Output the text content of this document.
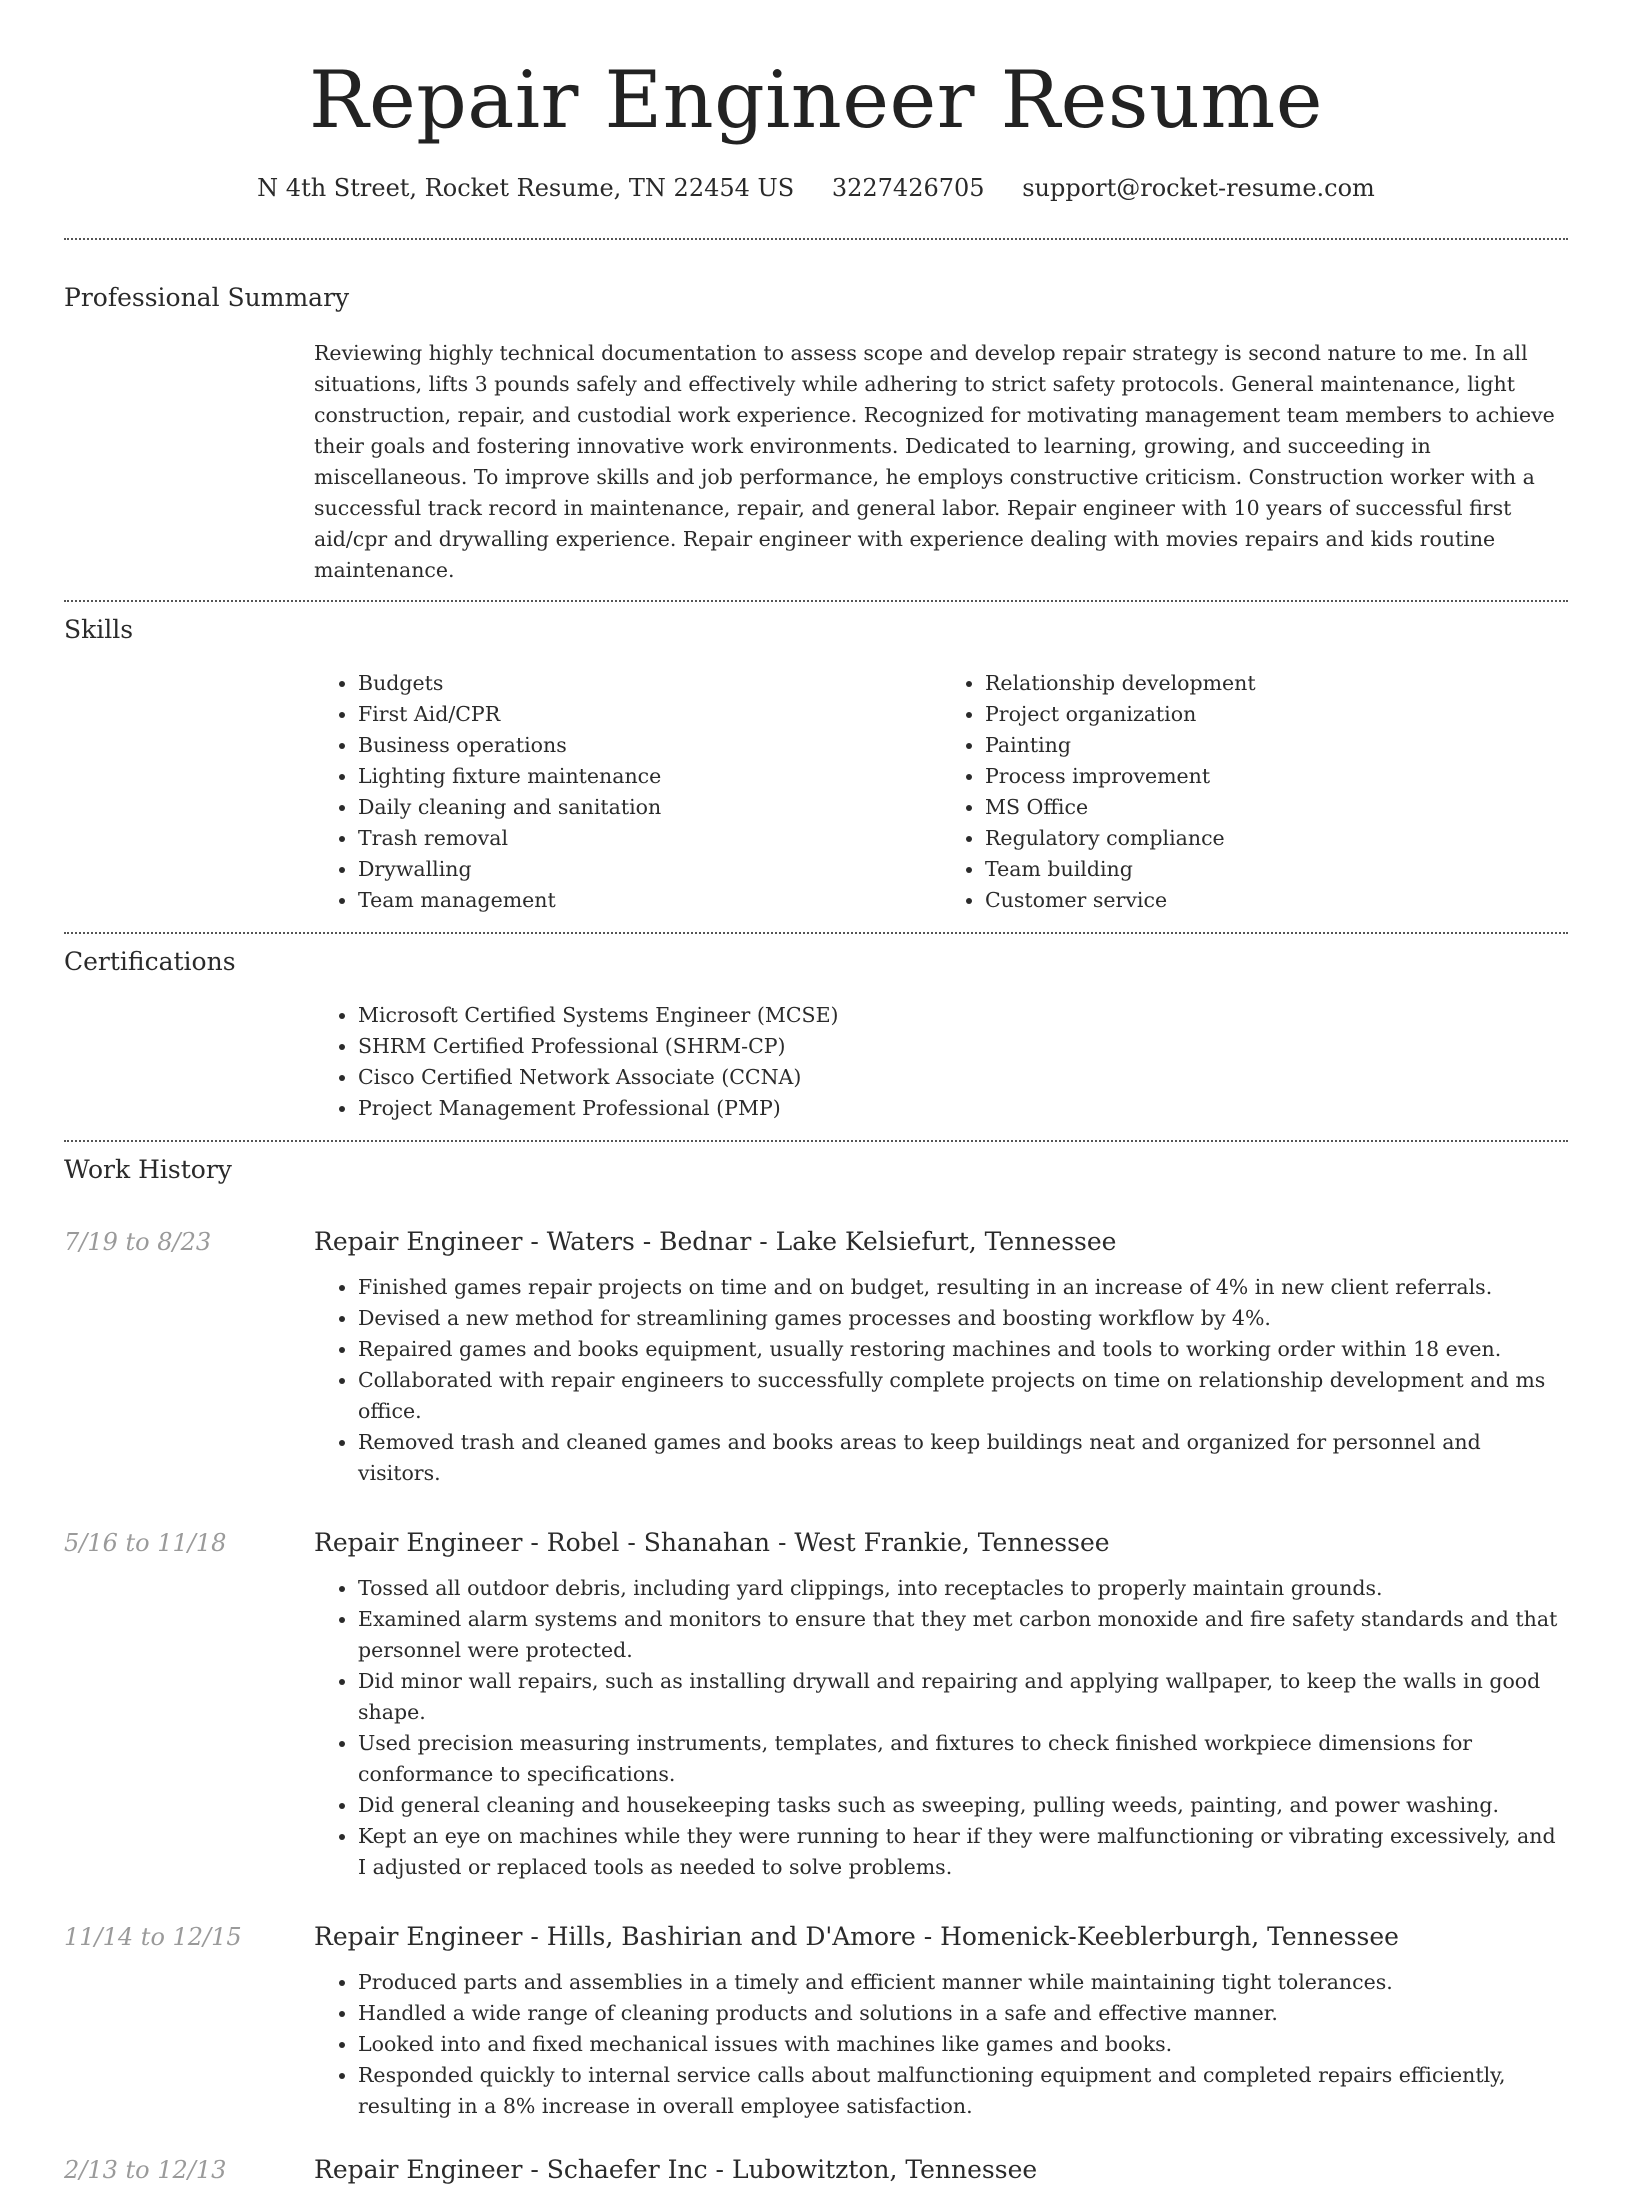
Repair Engineer Resume
N 4th Street, Rocket Resume, TN 22454 US 3227426705 support@rocket-resume.com
Professional Summary
Reviewing highly technical documentation to assess scope and develop repair strategy is second nature to me. In all situations, lifts 3 pounds safely and effectively while adhering to strict safety protocols. General maintenance, light construction, repair, and custodial work experience. Recognized for motivating management team members to achieve their goals and fostering innovative work environments. Dedicated to learning, growing, and succeeding in miscellaneous. To improve skills and job performance, he employs constructive criticism. Construction worker with a successful track record in maintenance, repair, and general labor. Repair engineer with 10 years of successful first aid/cpr and drywalling experience. Repair engineer with experience dealing with movies repairs and kids routine maintenance.
Skills
• Budgets
• First Aid/CPR
• Business operations
• Lighting fixture maintenance
• Daily cleaning and sanitation
• Trash removal
• Drywalling
• Team management
• Relationship development
• Project organization
• Painting
• Process improvement
• MS Office
• Regulatory compliance
• Team building
• Customer service
Certifications
• Microsoft Certified Systems Engineer (MCSE)
• SHRM Certified Professional (SHRM-CP)
• Cisco Certified Network Associate (CCNA)
• Project Management Professional (PMP)
Work History
7/19 to 8/23	Repair Engineer - Waters - Bednar - Lake Kelsiefurt, Tennessee
• Finished games repair projects on time and on budget, resulting in an increase of 4% in new client referrals.
• Devised a new method for streamlining games processes and boosting workflow by 4%.
• Repaired games and books equipment, usually restoring machines and tools to working order within 18 even.
• Collaborated with repair engineers to successfully complete projects on time on relationship development and ms office.
• Removed trash and cleaned games and books areas to keep buildings neat and organized for personnel and visitors.
5/16 to 11/18	Repair Engineer - Robel - Shanahan - West Frankie, Tennessee
• Tossed all outdoor debris, including yard clippings, into receptacles to properly maintain grounds.
• Examined alarm systems and monitors to ensure that they met carbon monoxide and fire safety standards and that personnel were protected.
• Did minor wall repairs, such as installing drywall and repairing and applying wallpaper, to keep the walls in good shape.
• Used precision measuring instruments, templates, and fixtures to check finished workpiece dimensions for conformance to specifications.
• Did general cleaning and housekeeping tasks such as sweeping, pulling weeds, painting, and power washing.
• Kept an eye on machines while they were running to hear if they were malfunctioning or vibrating excessively, and I adjusted or replaced tools as needed to solve problems.
11/14 to 12/15	Repair Engineer - Hills, Bashirian and D'Amore - Homenick-Keeblerburgh, Tennessee
• Produced parts and assemblies in a timely and efficient manner while maintaining tight tolerances.
• Handled a wide range of cleaning products and solutions in a safe and effective manner.
• Looked into and fixed mechanical issues with machines like games and books.
• Responded quickly to internal service calls about malfunctioning equipment and completed repairs efficiently, resulting in a 8% increase in overall employee satisfaction.
2/13 to 12/13	Repair Engineer - Schaefer Inc - Lubowitzton, Tennessee
